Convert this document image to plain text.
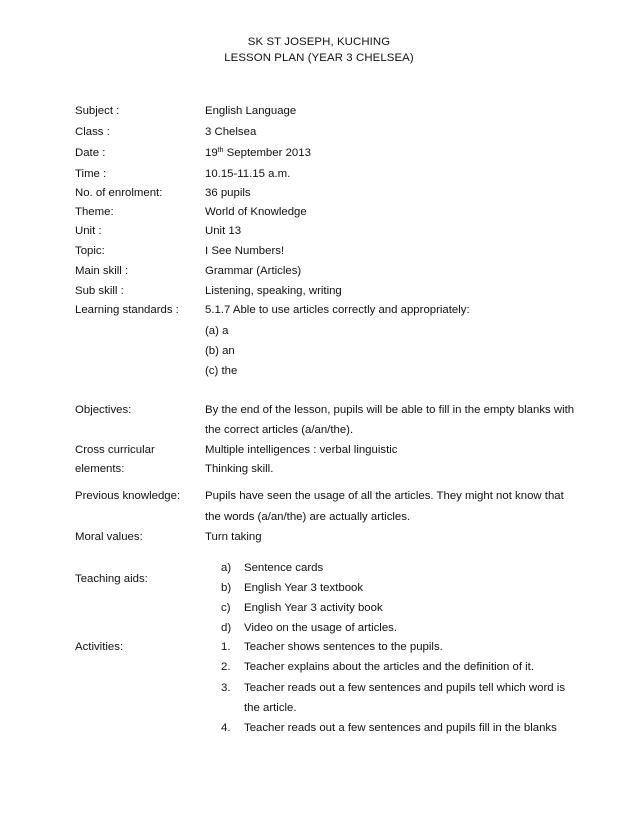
SK ST JOSEPH, KUCHING
LESSON PLAN (YEAR 3 CHELSEA)
Subject :	English Language
Class :	3 Chelsea
Date :	19th September 2013
Time :	10.15-11.15 a.m.
No. of enrolment:	36 pupils
Theme:	World of Knowledge
Unit :	Unit 13
Topic:	I See Numbers!
Main skill :	Grammar (Articles)
Sub skill :	Listening, speaking, writing
Learning standards : 5.1.7 Able to use articles correctly and appropriately:
(a) a
(b) an
(c) the
Objectives:	By the end of the lesson, pupils will be able to fill in the empty blanks with
the correct articles (a/an/the).
Cross curricular
elements:
Multiple intelligences : verbal linguistic
Thinking skill.
Previous knowledge: Pupils have seen the usage of all the articles. They might not know that
the words (a/an/the) are actually articles.
Moral values:	Turn taking
Teaching aids:
a)	Sentence cards
b)	English Year 3 textbook
c)	English Year 3 activity book
d)	Video on the usage of articles.
Activities:	1.	Teacher shows sentences to the pupils.
2.	Teacher explains about the articles and the definition of it.
3.	Teacher reads out a few sentences and pupils tell which word is
the article.
4.	Teacher reads out a few sentences and pupils fill in the blanks
